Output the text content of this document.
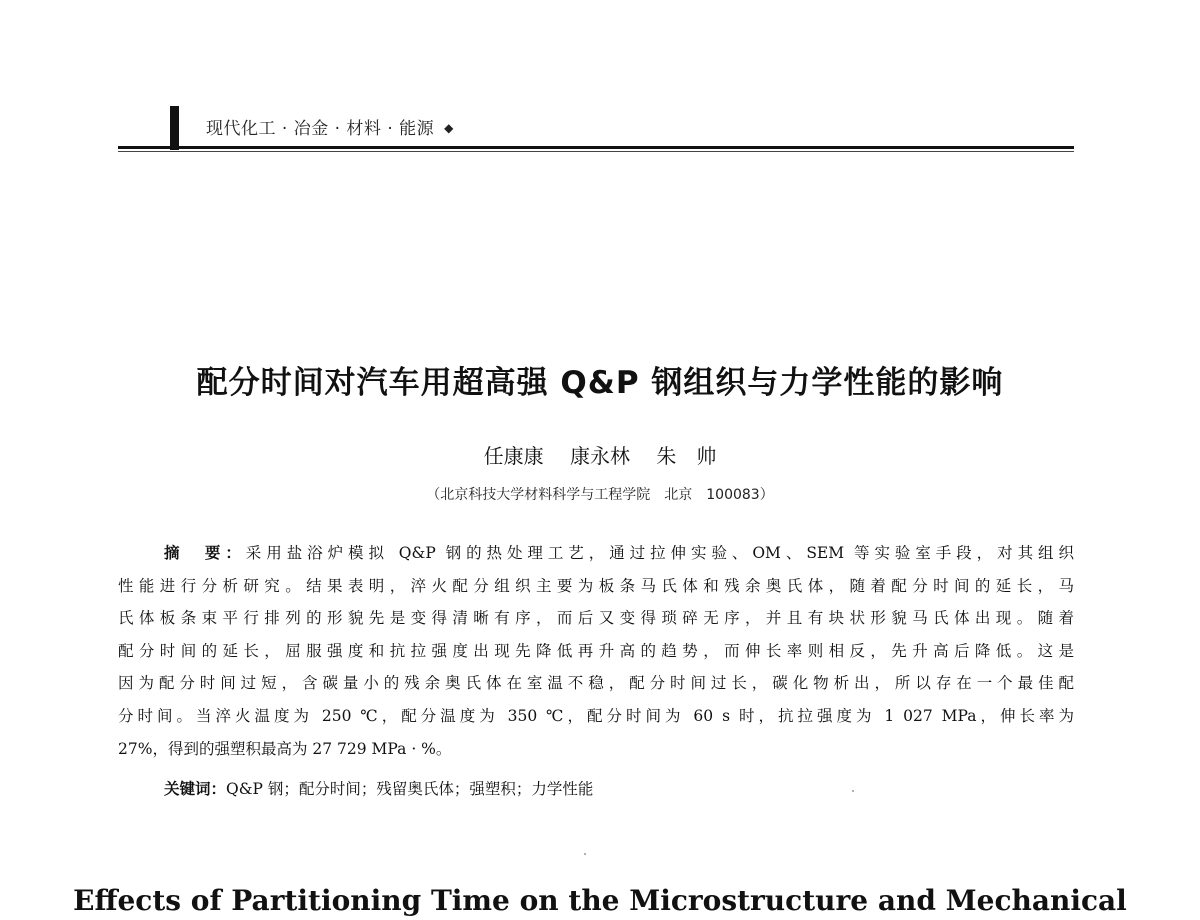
现代化工 · 冶金 · 材料 · 能源 ◆
配分时间对汽车用超高强 Q&P 钢组织与力学性能的影响
任康康 康永林 朱　帅
（北京科技大学材料科学与工程学院　北京　100083）
摘　要：采用盐浴炉模拟 Q&P 钢的热处理工艺，通过拉伸实验、OM、SEM 等实验室手段，对其组织
性能进行分析研究。结果表明，淬火配分组织主要为板条马氏体和残余奥氏体，随着配分时间的延长，马
氏体板条束平行排列的形貌先是变得清晰有序，而后又变得琐碎无序，并且有块状形貌马氏体出现。随着
配分时间的延长，屈服强度和抗拉强度出现先降低再升高的趋势，而伸长率则相反，先升高后降低。这是
因为配分时间过短，含碳量小的残余奥氏体在室温不稳，配分时间过长，碳化物析出，所以存在一个最佳配
分时间。当淬火温度为 250 ℃，配分温度为 350 ℃，配分时间为 60 s 时，抗拉强度为 1 027 MPa，伸长率为
27%，得到的强塑积最高为 27 729 MPa · %。
关键词：Q&P 钢；配分时间；残留奥氏体；强塑积；力学性能
Effects of Partitioning Time on the Microstructure and Mechanical
